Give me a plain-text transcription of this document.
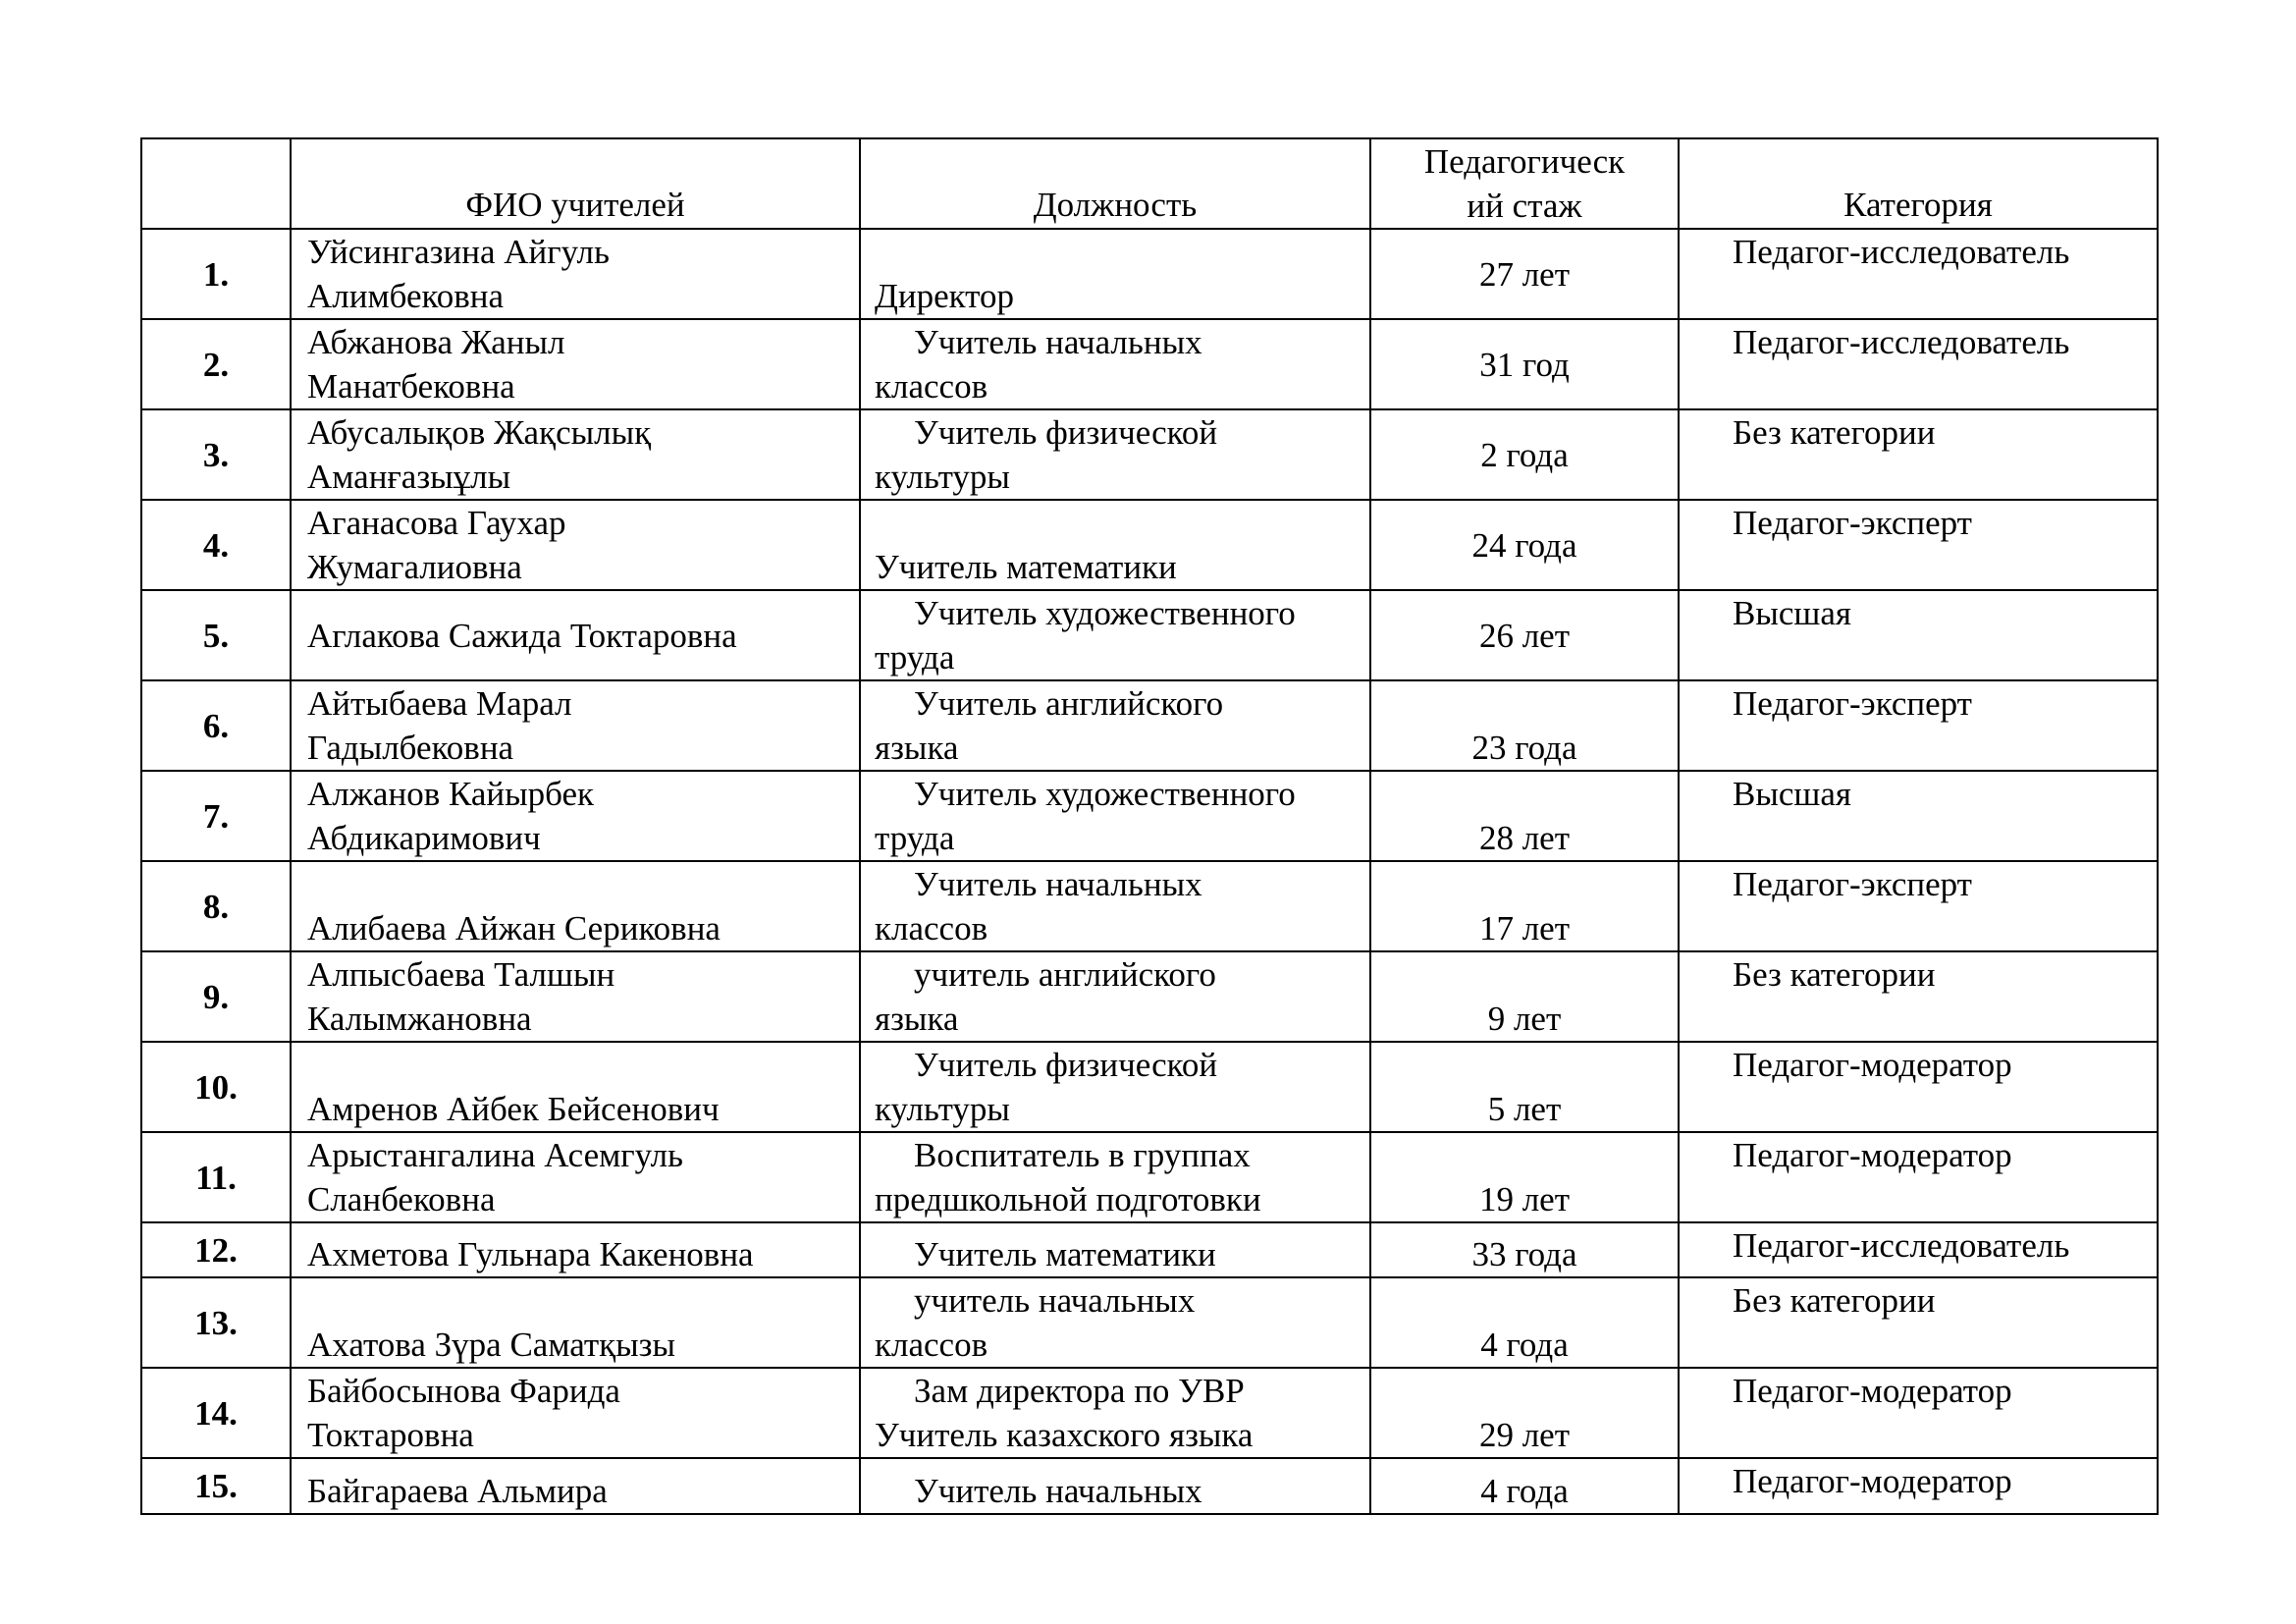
	ФИО учителей	Должность	Педагогическ
ий стаж	Категория
1.	Уйсингазина Айгуль
Алимбековна	Директор	27 лет	Педагог-исследователь
2.	Абжанова Жаныл
Манатбековна	Учитель начальных
классов	31 год	Педагог-исследователь
3.	Абусалықов Жақсылық
Аманғазыұлы	Учитель физической
культуры	2 года	Без категории
4.	Аганасова Гаухар
Жумагалиовна	Учитель математики	24 года	Педагог-эксперт
5.	Аглакова Сажида Токтаровна	Учитель художественного
труда	26 лет	Высшая
6.	Айтыбаева Марал
Гадылбековна	Учитель английского
языка	23 года	Педагог-эксперт
7.	Алжанов Кайырбек
Абдикаримович	Учитель художественного
труда	28 лет	Высшая
8.	Алибаева Айжан Сериковна	Учитель начальных
классов	17 лет	Педагог-эксперт
9.	Алпысбаева Талшын
Калымжановна	учитель английского
языка	9 лет	Без категории
10.	Амренов Айбек Бейсенович	Учитель физической
культуры	5 лет	Педагог-модератор
11.	Арыстангалина Асемгуль
Сланбековна	Воспитатель в группах
предшкольной подготовки	19 лет	Педагог-модератор
12.	Ахметова Гульнара Какеновна	Учитель математики	33 года	Педагог-исследователь
13.	Ахатова Зүра Саматқызы	учитель начальных
классов	4 года	Без категории
14.	Байбосынова Фарида
Токтаровна	Зам директора по УВР
Учитель казахского языка	29 лет	Педагог-модератор
15.	Байгараева Альмира	Учитель начальных	4 года	Педагог-модератор
